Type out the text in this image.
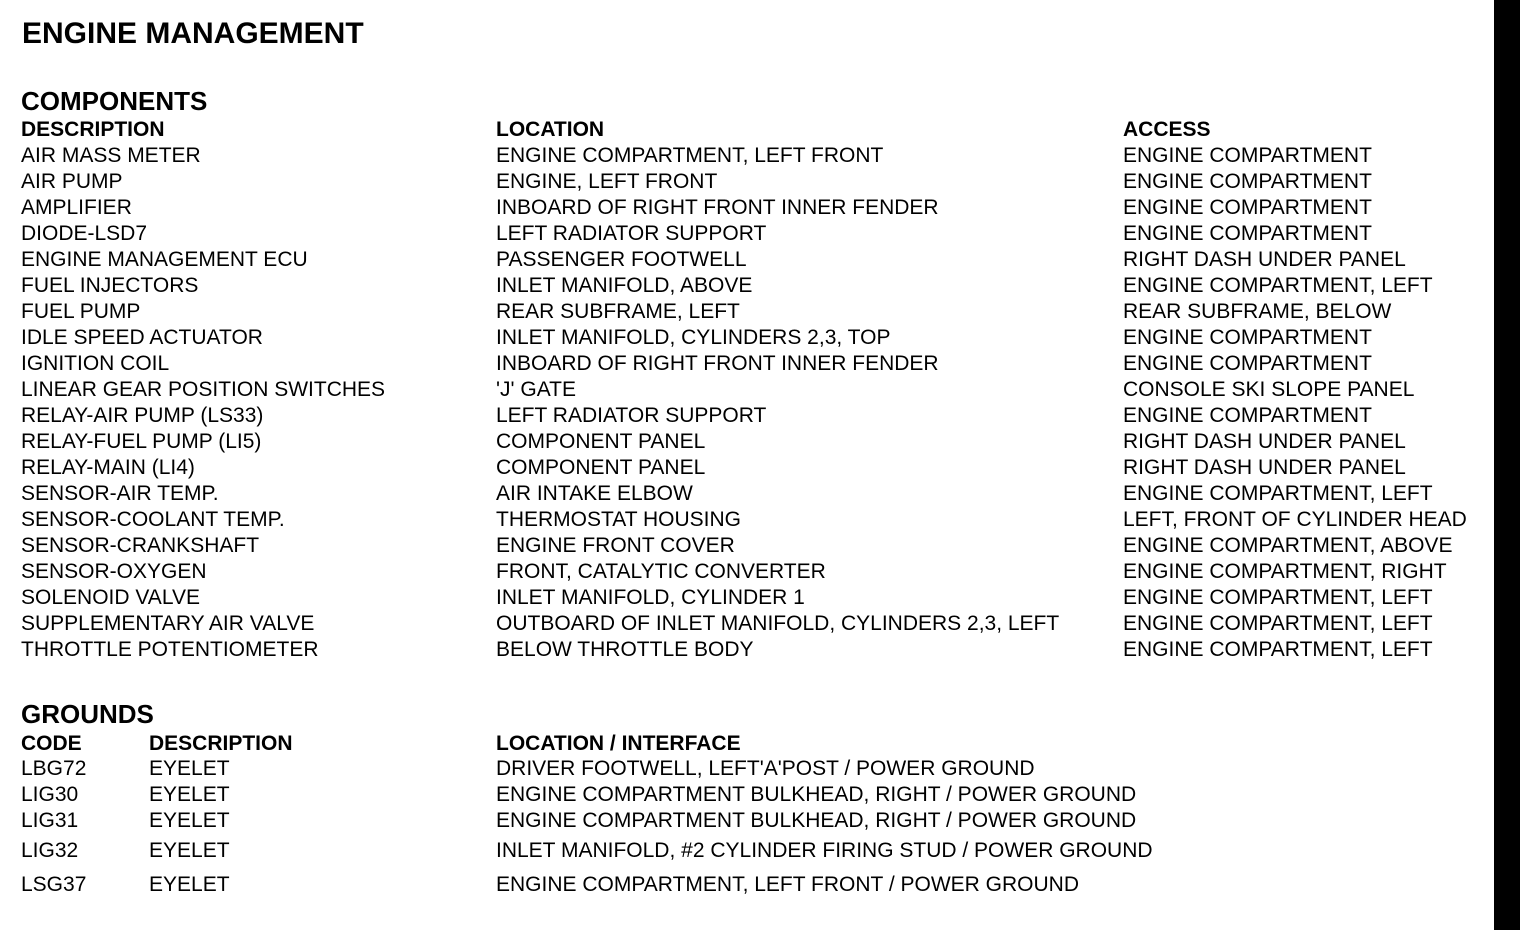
ENGINE MANAGEMENT
COMPONENTS
DESCRIPTION	LOCATION	ACCESS
AIR MASS METER	ENGINE COMPARTMENT, LEFT FRONT	ENGINE COMPARTMENT
AIR PUMP	ENGINE, LEFT FRONT	ENGINE COMPARTMENT
AMPLIFIER	INBOARD OF RIGHT FRONT INNER FENDER	ENGINE COMPARTMENT
DIODE-LSD7	LEFT RADIATOR SUPPORT	ENGINE COMPARTMENT
ENGINE MANAGEMENT ECU	PASSENGER FOOTWELL	RIGHT DASH UNDER PANEL
FUEL INJECTORS	INLET MANIFOLD, ABOVE	ENGINE COMPARTMENT, LEFT
FUEL PUMP	REAR SUBFRAME, LEFT	REAR SUBFRAME, BELOW
IDLE SPEED ACTUATOR	INLET MANIFOLD, CYLINDERS 2,3, TOP	ENGINE COMPARTMENT
IGNITION COIL	INBOARD OF RIGHT FRONT INNER FENDER	ENGINE COMPARTMENT
LINEAR GEAR POSITION SWITCHES	'J' GATE	CONSOLE SKI SLOPE PANEL
RELAY-AIR PUMP (LS33)	LEFT RADIATOR SUPPORT	ENGINE COMPARTMENT
RELAY-FUEL PUMP (LI5)	COMPONENT PANEL	RIGHT DASH UNDER PANEL
RELAY-MAIN (LI4)	COMPONENT PANEL	RIGHT DASH UNDER PANEL
SENSOR-AIR TEMP.	AIR INTAKE ELBOW	ENGINE COMPARTMENT, LEFT
SENSOR-COOLANT TEMP.	THERMOSTAT HOUSING	LEFT, FRONT OF CYLINDER HEAD
SENSOR-CRANKSHAFT	ENGINE FRONT COVER	ENGINE COMPARTMENT, ABOVE
SENSOR-OXYGEN	FRONT, CATALYTIC CONVERTER	ENGINE COMPARTMENT, RIGHT
SOLENOID VALVE	INLET MANIFOLD, CYLINDER 1	ENGINE COMPARTMENT, LEFT
SUPPLEMENTARY AIR VALVE	OUTBOARD OF INLET MANIFOLD, CYLINDERS 2,3, LEFT	ENGINE COMPARTMENT, LEFT
THROTTLE POTENTIOMETER	BELOW THROTTLE BODY	ENGINE COMPARTMENT, LEFT
GROUNDS
CODE	DESCRIPTION	LOCATION / INTERFACE
LBG72	EYELET	DRIVER FOOTWELL, LEFT'A'POST / POWER GROUND
LIG30	EYELET	ENGINE COMPARTMENT BULKHEAD, RIGHT / POWER GROUND
LIG31	EYELET	ENGINE COMPARTMENT BULKHEAD, RIGHT / POWER GROUND
LIG32	EYELET	INLET MANIFOLD, #2 CYLINDER FIRING STUD / POWER GROUND
LSG37	EYELET	ENGINE COMPARTMENT, LEFT FRONT / POWER GROUND
